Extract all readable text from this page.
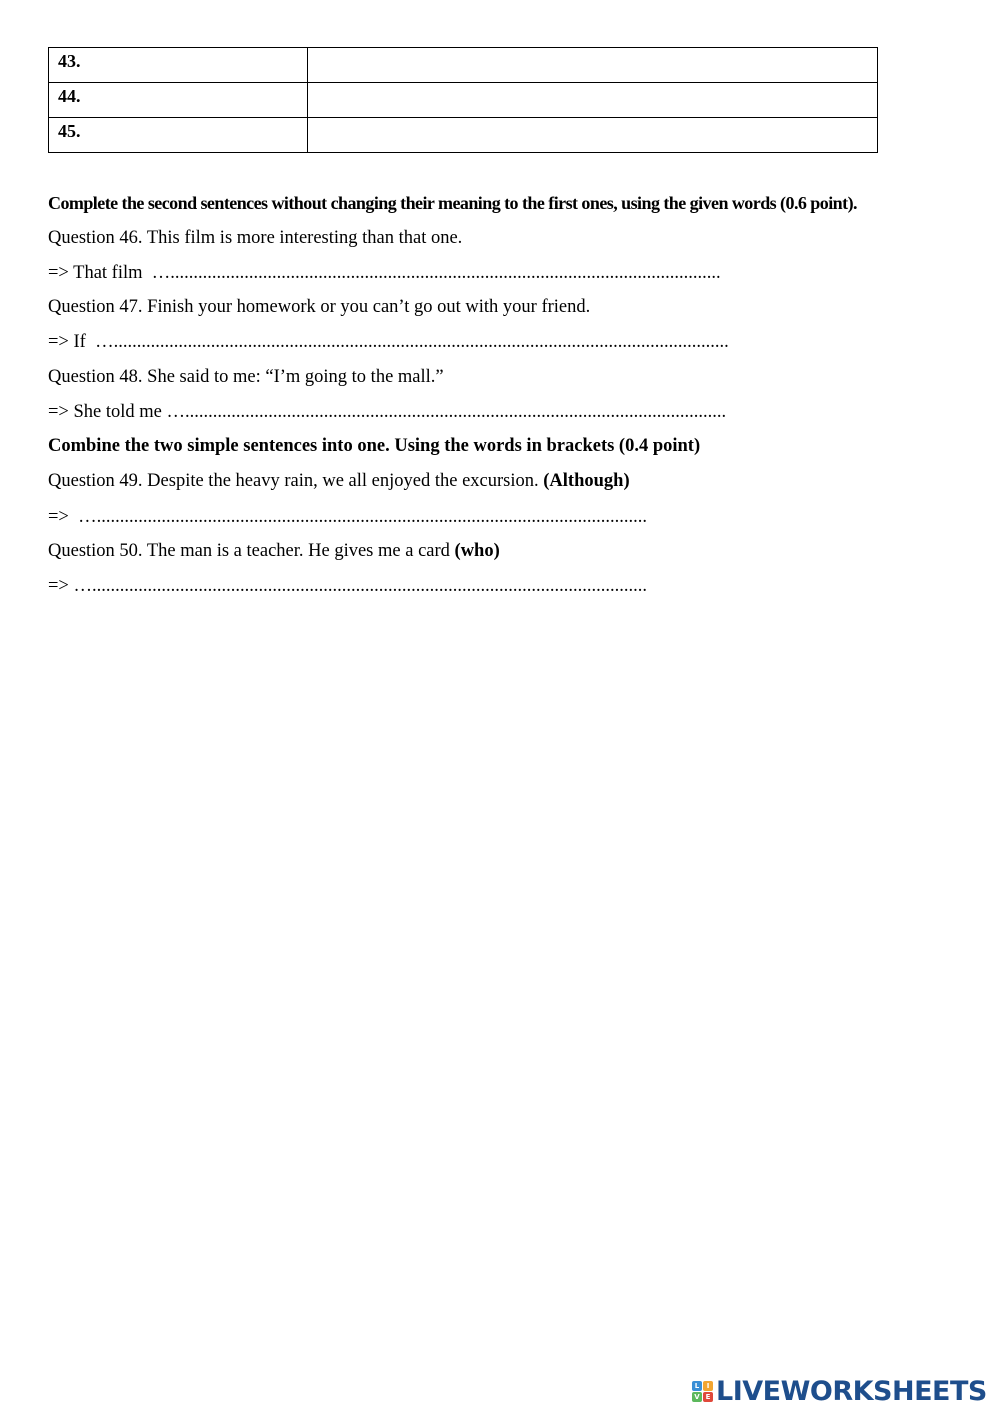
43.	
44.	
45.	
Complete the second sentences without changing their meaning to the first ones, using the given words (0.6 point).
Question 46. This film is more interesting than that one.
=> That film ….......................................................................................................................
Question 47. Finish your homework or you can’t go out with your friend.
=> If ….....................................................................................................................................
Question 48. She said to me: “I’m going to the mall.”
=> She told me ….....................................................................................................................
Combine the two simple sentences into one. Using the words in brackets (0.4 point)
Question 49. Despite the heavy rain, we all enjoyed the excursion. (Although)
=> ….......................................................................................................................
Question 50. The man is a teacher. He gives me a card (who)
=> …........................................................................................................................
L	I
V E LIVEWORKSHEETS
